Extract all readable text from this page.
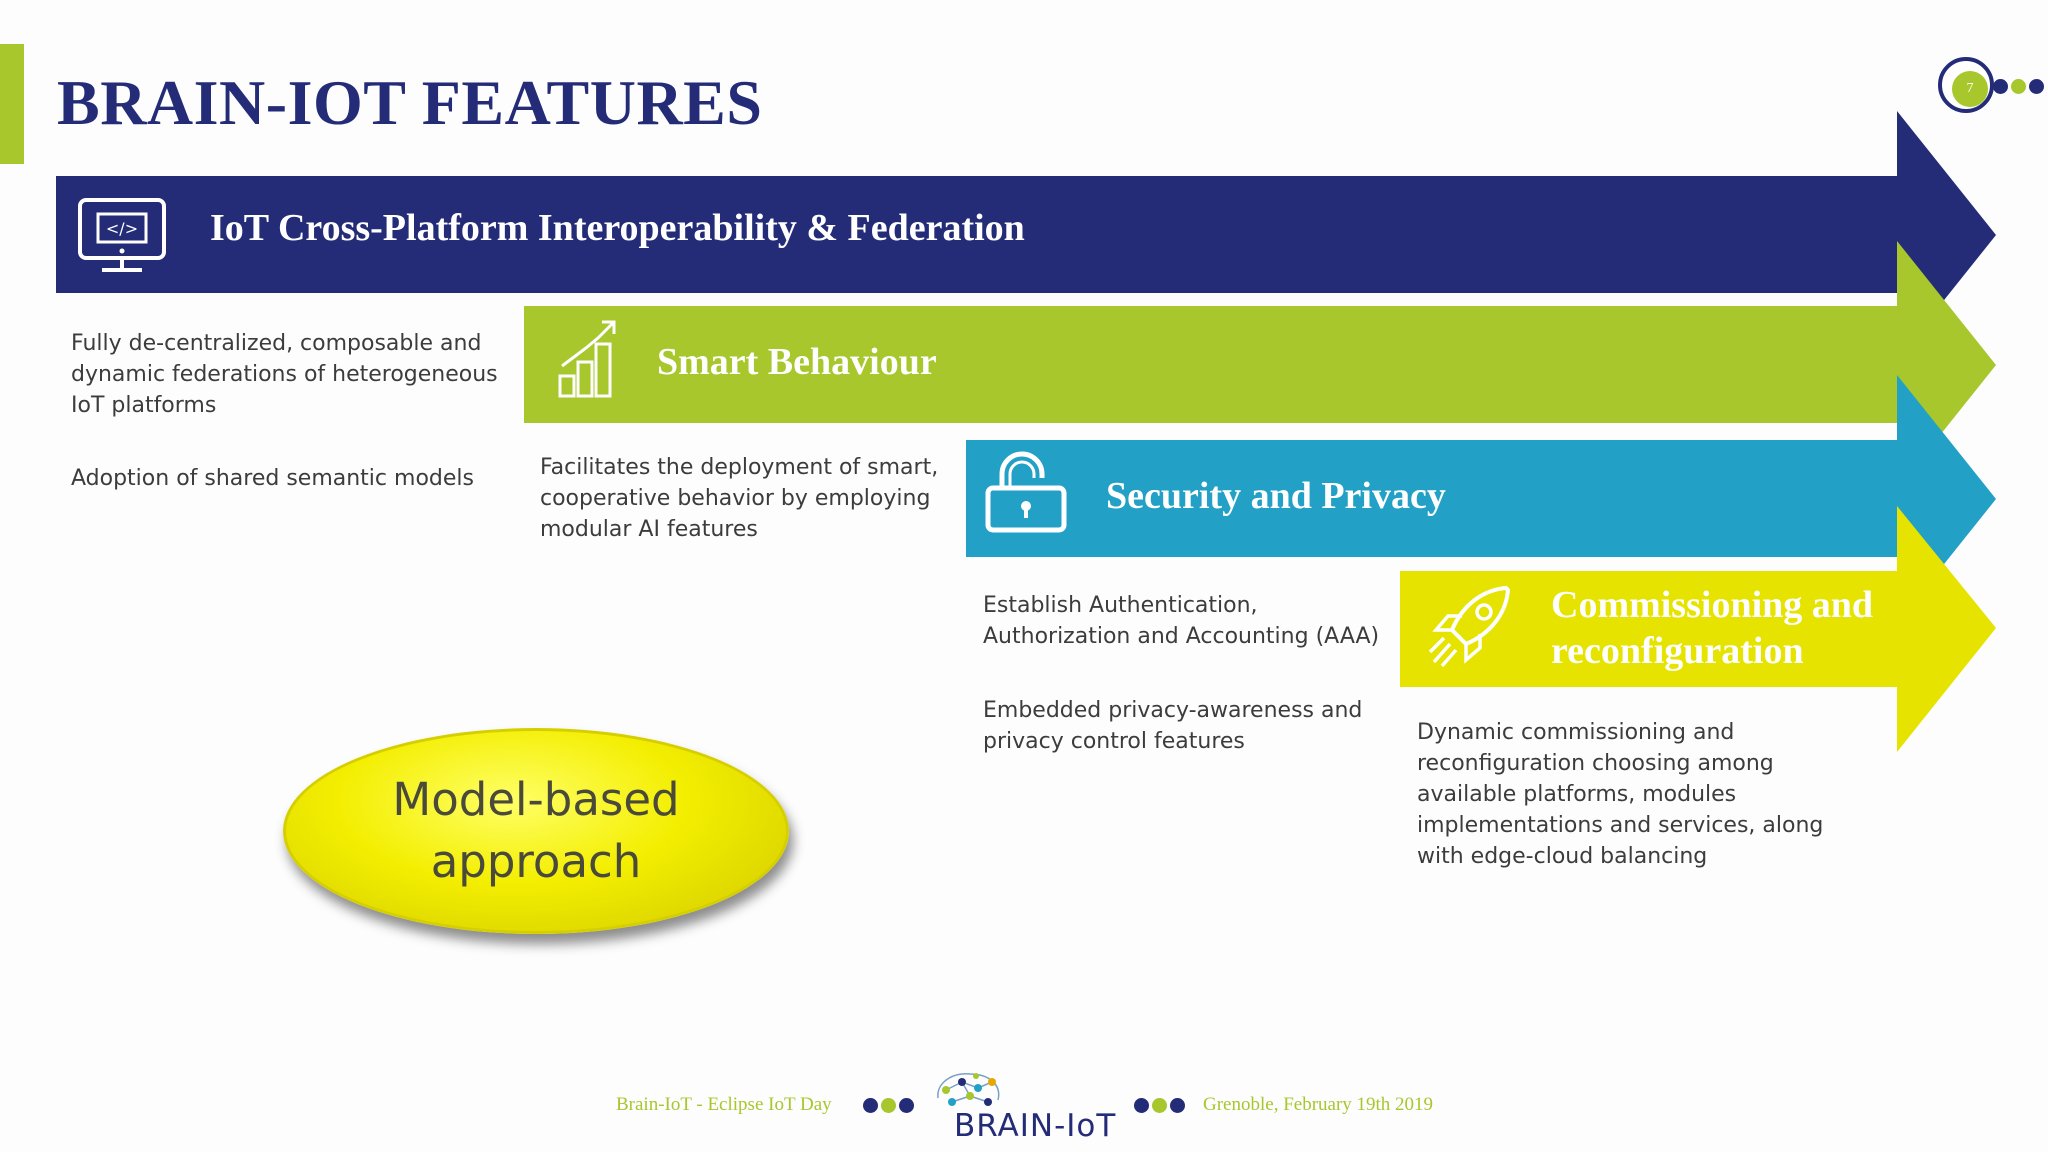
BRAIN-IOT FEATURES	7
</> IoT Cross-Platform Interoperability & Federation
Smart Behaviour
Security and Privacy
Commissioning and reconfiguration
Fully de-centralized, composable and
dynamic federations of heterogeneous
IoT platforms
Adoption of shared semantic models	Facilitates the deployment of smart,
cooperative behavior by employing
modular AI features
Establish Authentication,
Authorization and Accounting (AAA)
Embedded privacy-awareness and
privacy control features	Dynamic commissioning and
reconfiguration choosing among
available platforms, modules
implementations and services, along
with edge-cloud balancing
Model-based approach
Brain-IoT - Eclipse IoT Day
BRAIN-IoT
Grenoble, February 19th 2019
